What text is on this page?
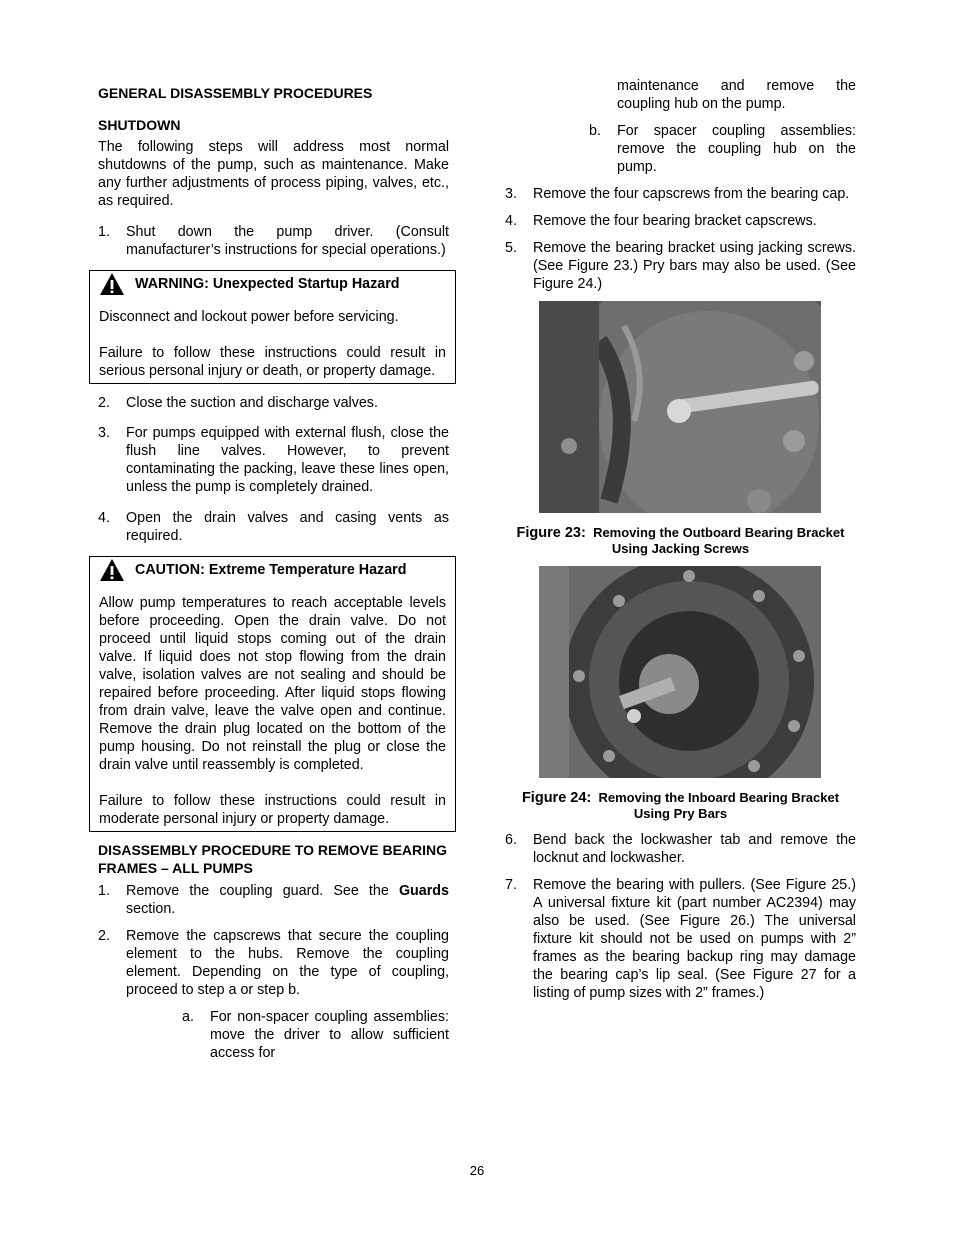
GENERAL DISASSEMBLY PROCEDURES
SHUTDOWN

The following steps will address most normal shutdowns of the pump, such as maintenance. Make any further adjustments of process piping, valves, etc., as required.

1. Shut down the pump driver. (Consult manufacturer’s instructions for special operations.)
WARNING: Unexpected Startup Hazard

Disconnect and lockout power before servicing.

Failure to follow these instructions could result in serious personal injury or death, or property damage.

2. Close the suction and discharge valves.
3. For pumps equipped with external flush, close the flush line valves. However, to prevent contaminating the packing, leave these lines open, unless the pump is completely drained.
4. Open the drain valves and casing vents as required.
CAUTION: Extreme Temperature Hazard

Allow pump temperatures to reach acceptable levels before proceeding. Open the drain valve. Do not proceed until liquid stops coming out of the drain valve. If liquid does not stop flowing from the drain valve, isolation valves are not sealing and should be repaired before proceeding. After liquid stops flowing from drain valve, leave the valve open and continue. Remove the drain plug located on the bottom of the pump housing. Do not reinstall the plug or close the drain valve until reassembly is completed.

Failure to follow these instructions could result in moderate personal injury or property damage.

DISASSEMBLY PROCEDURE TO REMOVE BEARING FRAMES – ALL PUMPS
1. Remove the coupling guard. See the Guards section.
2. Remove the capscrews that secure the coupling element to the hubs. Remove the coupling element. Depending on the type of coupling, proceed to step a or step b.
a. For non-spacer coupling assemblies: move the driver to allow sufficient access for

maintenance and remove the coupling hub on the pump.

b. For spacer coupling assemblies: remove the coupling hub on the pump.
3. Remove the four capscrews from the bearing cap.
4. Remove the four bearing bracket capscrews.
5. Remove the bearing bracket using jacking screws. (See Figure 23.) Pry bars may also be used. (See Figure 24.)
Figure 23: Removing the Outboard Bearing Bracket Using Jacking Screws
Figure 24: Removing the Inboard Bearing Bracket Using Pry Bars
6. Bend back the lockwasher tab and remove the locknut and lockwasher.
7. Remove the bearing with pullers. (See Figure 25.) A universal fixture kit (part number AC2394) may also be used. (See Figure 26.) The universal fixture kit should not be used on pumps with 2” frames as the bearing backup ring may damage the bearing cap’s lip seal. (See Figure 27 for a listing of pump sizes with 2” frames.)
26
